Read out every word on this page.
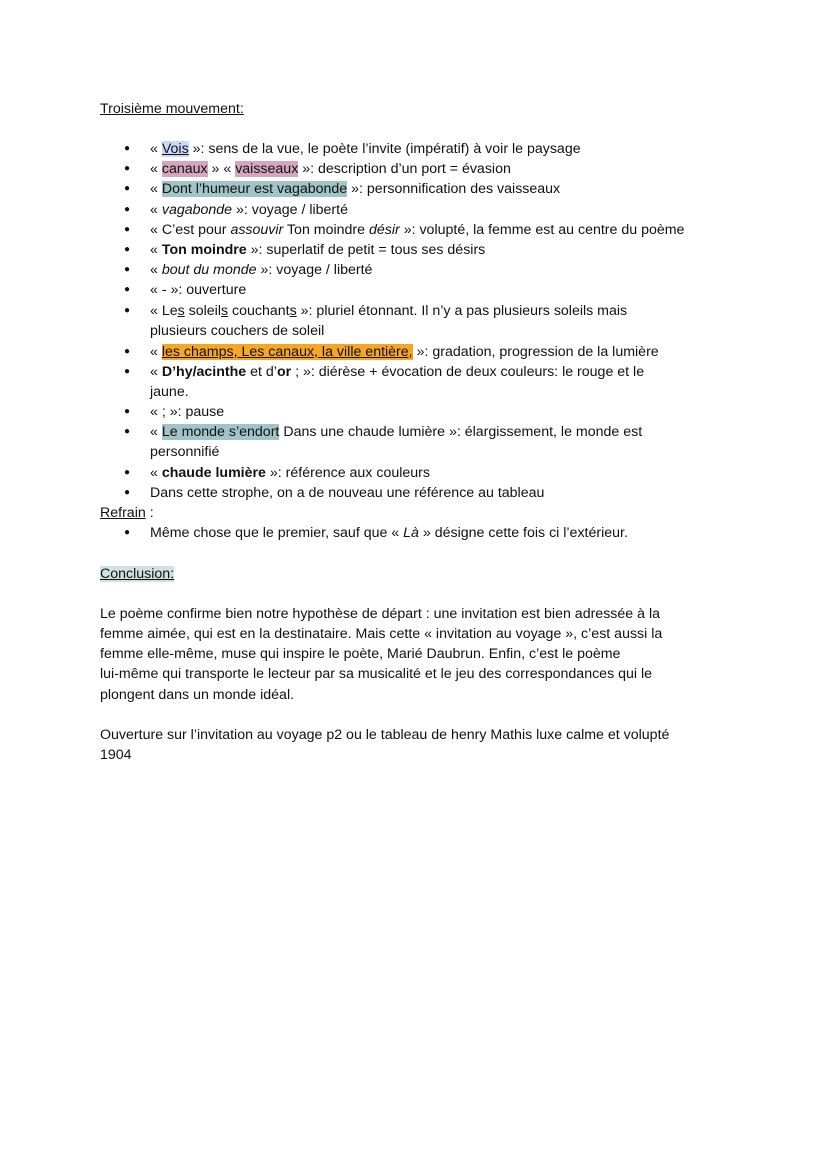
Troisième mouvement:
● « Vois »: sens de la vue, le poète l’invite (impératif) à voir le paysage
● « canaux » « vaisseaux »: description d’un port = évasion
● « Dont l’humeur est vagabonde »: personnification des vaisseaux
● « vagabonde »: voyage / liberté
● « C’est pour assouvir Ton moindre désir »: volupté, la femme est au centre du poème
● « Ton moindre »: superlatif de petit = tous ses désirs
● « bout du monde »: voyage / liberté
● « - »: ouverture
● « Les soleils couchants »: pluriel étonnant. Il n’y a pas plusieurs soleils mais
plusieurs couchers de soleil
● « les champs, Les canaux, la ville entière, »: gradation, progression de la lumière
● « D’hy/acinthe et d’or ; »: diérèse + évocation de deux couleurs: le rouge et le
jaune.
● « ; »: pause
● « Le monde s’endort Dans une chaude lumière »: élargissement, le monde est
personnifié
● « chaude lumière »: référence aux couleurs
● Dans cette strophe, on a de nouveau une référence au tableau
Refrain :
● Même chose que le premier, sauf que « Là » désigne cette fois ci l’extérieur.
Conclusion:
Le poème confirme bien notre hypothèse de départ : une invitation est bien adressée à la
femme aimée, qui est en la destinataire. Mais cette « invitation au voyage », c’est aussi la
femme elle-même, muse qui inspire le poète, Marié Daubrun. Enfin, c’est le poème
lui-même qui transporte le lecteur par sa musicalité et le jeu des correspondances qui le
plongent dans un monde idéal.
Ouverture sur l’invitation au voyage p2 ou le tableau de henry Mathis luxe calme et volupté
1904
